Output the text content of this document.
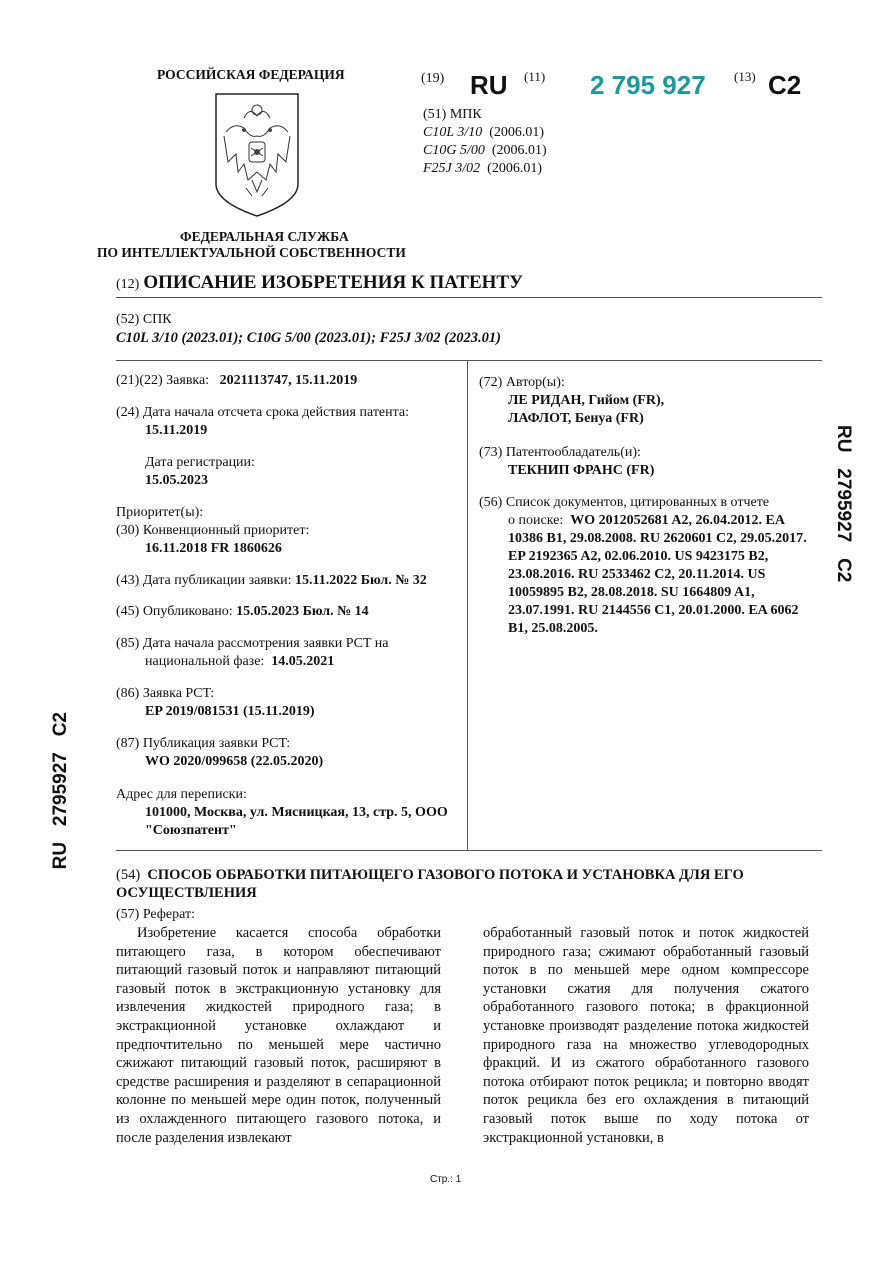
РОССИЙСКАЯ ФЕДЕРАЦИЯ
ФЕДЕРАЛЬНАЯ СЛУЖБА
ПО ИНТЕЛЛЕКТУАЛЬНОЙ СОБСТВЕННОСТИ
(19) RU (11) 2 795 927 (13) C2
(51) МПК
C10L 3/10 (2006.01)
C10G 5/00 (2006.01)
F25J 3/02 (2006.01)
(12) ОПИСАНИЕ ИЗОБРЕТЕНИЯ К ПАТЕНТУ
(52) СПК
C10L 3/10 (2023.01); C10G 5/00 (2023.01); F25J 3/02 (2023.01)
(21)(22) Заявка: 2021113747, 15.11.2019
(24) Дата начала отсчета срока действия патента:
15.11.2019
Дата регистрации:
15.05.2023
Приоритет(ы):
(30) Конвенционный приоритет:
16.11.2018 FR 1860626
(43) Дата публикации заявки: 15.11.2022 Бюл. № 32
(45) Опубликовано: 15.05.2023 Бюл. № 14
(85) Дата начала рассмотрения заявки PCT на
национальной фазе: 14.05.2021
(86) Заявка PCT:
EP 2019/081531 (15.11.2019)
(87) Публикация заявки PCT:
WO 2020/099658 (22.05.2020)
Адрес для переписки:
101000, Москва, ул. Мясницкая, 13, стр. 5, ООО
"Союзпатент"
(72) Автор(ы):
ЛЕ РИДАН, Гийом (FR),
ЛАФЛОТ, Бенуа (FR)
(73) Патентообладатель(и):
ТЕКНИП ФРАНС (FR)
(56) Список документов, цитированных в отчете
о поиске: WO 2012052681 A2, 26.04.2012. EA
10386 B1, 29.08.2008. RU 2620601 C2, 29.05.2017.
EP 2192365 A2, 02.06.2010. US 9423175 B2,
23.08.2016. RU 2533462 C2, 20.11.2014. US
10059895 B2, 28.08.2018. SU 1664809 A1,
23.07.1991. RU 2144556 C1, 20.01.2000. EA 6062
B1, 25.08.2005.
(54) СПОСОБ ОБРАБОТКИ ПИТАЮЩЕГО ГАЗОВОГО ПОТОКА И УСТАНОВКА ДЛЯ ЕГО
ОСУЩЕСТВЛЕНИЯ
(57) Реферат:
Изобретение касается способа обработки питающего газа, в котором обеспечивают питающий газовый поток и направляют питающий газовый поток в экстракционную установку для извлечения жидкостей природного газа; в экстракционной установке охлаждают и предпочтительно по меньшей мере частично сжижают питающий газовый поток, расширяют в средстве расширения и разделяют в сепарационной колонне по меньшей мере один поток, полученный из охлажденного питающего газового потока, и после разделения извлекают
обработанный газовый поток и поток жидкостей природного газа; сжимают обработанный газовый поток в по меньшей мере одном компрессоре установки сжатия для получения сжатого обработанного газового потока; в фракционной установке производят разделение потока жидкостей природного газа на множество углеводородных фракций. И из сжатого обработанного газового потока отбирают поток рецикла; и повторно вводят поток рецикла без его охлаждения в питающий газовый поток выше по ходу потока от экстракционной установки, в
Стр.: 1
RU   2795927   C2
RU   2795927   C2
